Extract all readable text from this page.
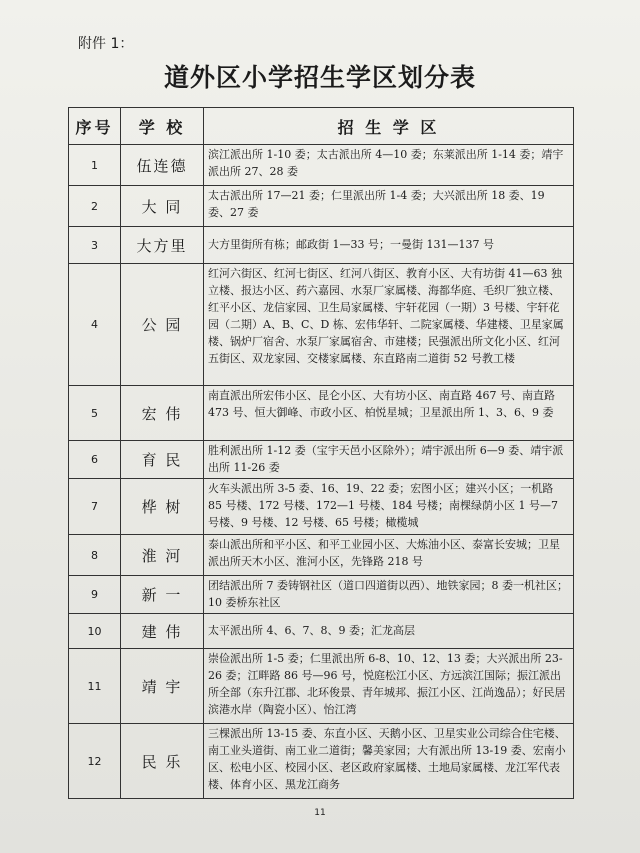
附件 1：
道外区小学招生学区划分表
序号	学 校	招 生 学 区
1	伍连德	滨江派出所 1-10 委；太古派出所 4—10 委；东莱派出所 1-14 委；靖宇派出所 27、28 委

2	大 同	太古派出所 17—21 委；仁里派出所 1-4 委；大兴派出所 18 委、19 委、27 委

3	大方里	大方里街所有栋；邮政街 1—33 号；一曼街 131—137 号

4	公 园	红河六街区、红河七街区、红河八街区、教育小区、大有坊街 41—63 独立楼、报达小区、药六嘉园、水泵厂家属楼、海都华庭、毛织厂独立楼、红平小区、龙信家园、卫生局家属楼、宇轩花园（一期）3 号楼、宇轩花园（二期）A、B、C、D 栋、宏伟华轩、二院家属楼、华建楼、卫星家属楼、锅炉厂宿舍、水泵厂家属宿舍、市建楼；民强派出所文化小区、红河五街区、双龙家园、交楼家属楼、东直路南二道街 52 号教工楼

5	宏 伟	南直派出所宏伟小区、昆仑小区、大有坊小区、南直路 467 号、南直路 473 号、恒大御峰、市政小区、柏悦星城；卫星派出所 1、3、6、9 委

6	育 民	胜利派出所 1-12 委（宝宇天邑小区除外）；靖宇派出所 6—9 委、靖宇派出所 11-26 委

7	桦 树	火车头派出所 3-5 委、16、19、22 委；宏图小区；建兴小区；一机路 85 号楼、172 号楼、172—1 号楼、184 号楼；南棵绿荫小区 1 号—7 号楼、9 号楼、12 号楼、65 号楼；橄榄城

8	淮 河	泰山派出所和平小区、和平工业园小区、大炼油小区、泰富长安城；卫星派出所天木小区、淮河小区，先锋路 218 号

9	新 一	团结派出所 7 委铸钢社区（道口四道街以西）、地铁家园；8 委一机社区；10 委桥东社区

10	建 伟	太平派出所 4、6、7、8、9 委；汇龙高层

11	靖 宇	崇俭派出所 1-5 委；仁里派出所 6-8、10、12、13 委；大兴派出所 23-26 委；江畔路 86 号—96 号，悦庭松江小区、方远滨江国际；振江派出所全部（东升江郡、北环俊景、青年城邦、振江小区、江尚逸品）；好民居滨港水岸（陶瓷小区）、怡江湾

12	民 乐	三棵派出所 13-15 委、东直小区、天鹅小区、卫星实业公司综合住宅楼、南工业头道街、南工业二道街；馨美家园；大有派出所 13-19 委、宏南小区、松电小区、校园小区、老区政府家属楼、土地局家属楼、龙江军代表楼、体育小区、黑龙江商务
11
